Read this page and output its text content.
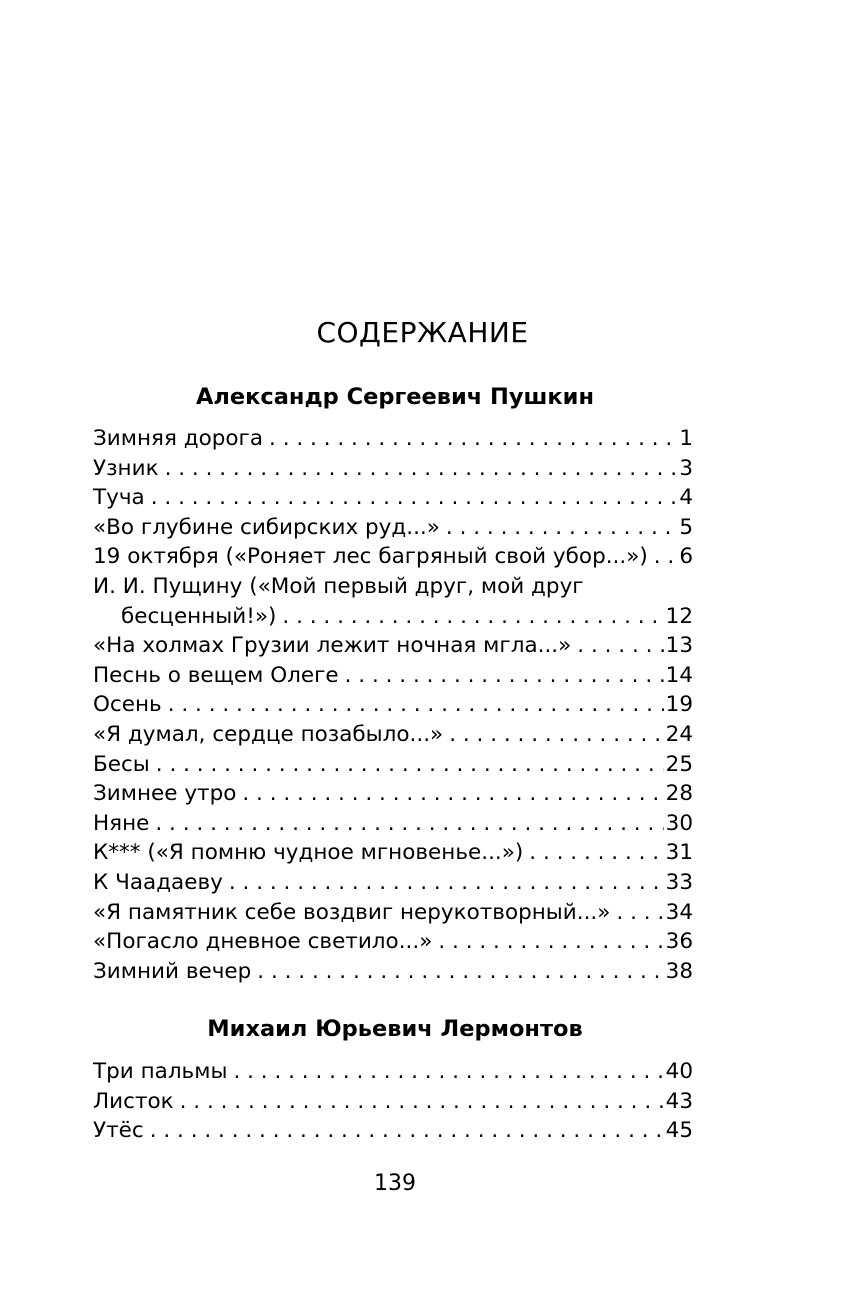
СОДЕРЖАНИЕ
Александр Сергеевич Пушкин
Зимняя дорога . . .	1
Узник . . .	3
Туча . . .	4
«Во глубине сибирских руд...» . . .	5
19 октября («Роняет лес багряный свой убор...») . . . 6
И. И. Пущину («Мой первый друг, мой друг
бесценный!») . . .	12
«На холмах Грузии лежит ночная мгла...» . . .	13
Песнь о вещем Олеге . . .	14
Осень . . .	19
«Я думал, сердце позабыло...» . . .	24
Бесы . . .	25
Зимнее утро . . .	28
Няне . . .	30
К*** («Я помню чудное мгновенье...») . . .	31
К Чаадаеву . . .	33
«Я памятник себе воздвиг нерукотворный...» . . .	34
«Погасло дневное светило...» . . .	36
Зимний вечер . . .	38
Михаил Юрьевич Лермонтов
Три пальмы . . .	40
Листок . . .	43
Утёс . . .	45
139
